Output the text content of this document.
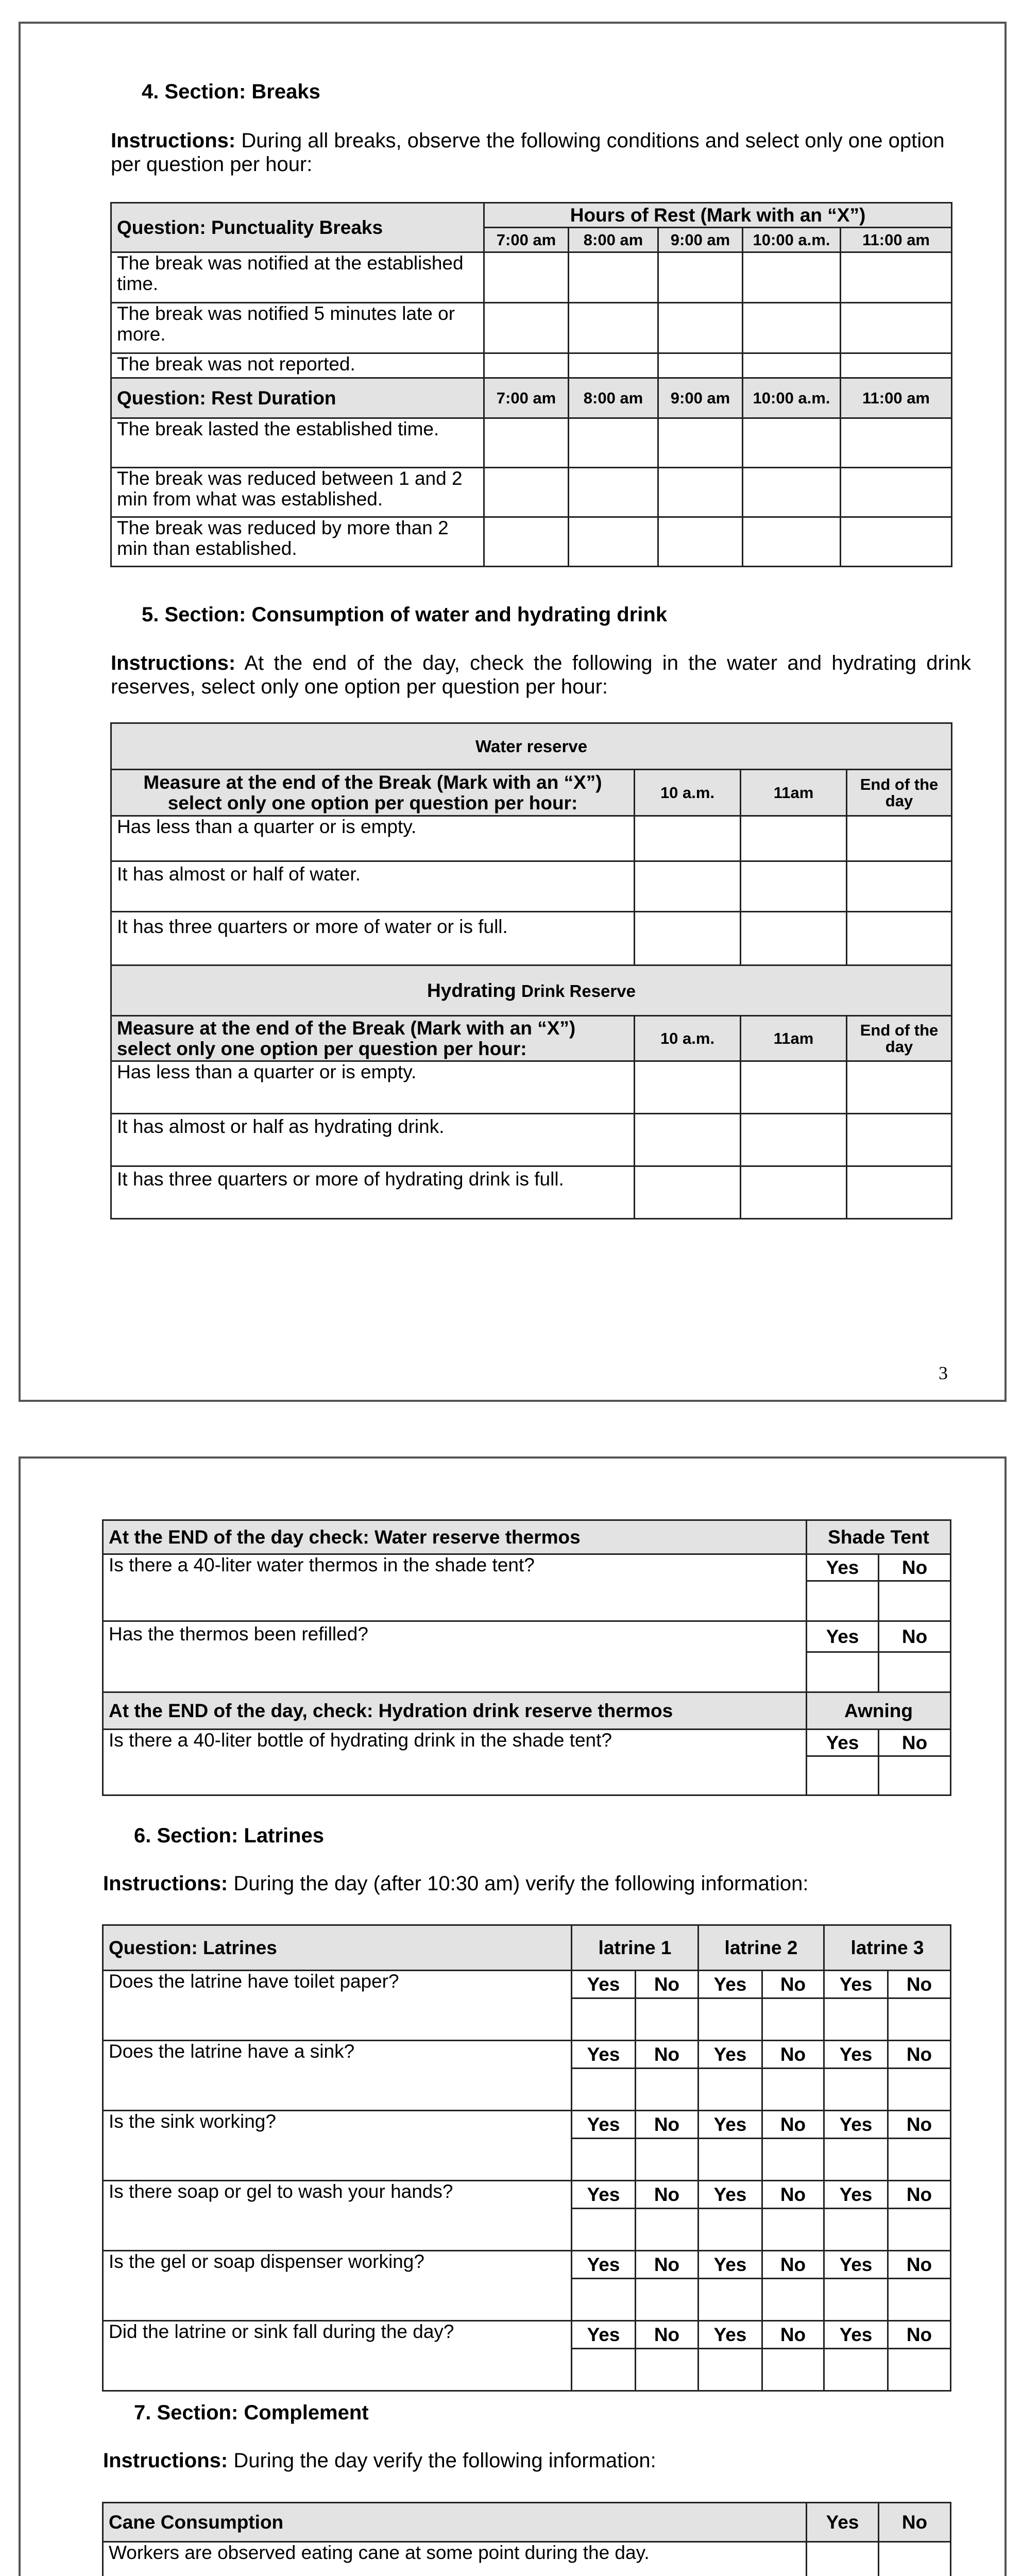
4. Section: Breaks
Instructions: During all breaks, observe the following conditions and select only one option per question per hour:
Question: Punctuality Breaks	Hours of Rest (Mark with an “X”)				
	7:00 am	8:00 am	9:00 am	10:00 a.m.	11:00 am
The break was notified at the established time.					
The break was notified 5 minutes late or more.					
The break was not reported.					
Question: Rest Duration	7:00 am	8:00 am	9:00 am	10:00 a.m.	11:00 am
The break lasted the established time.					
The break was reduced between 1 and 2 min from what was established.					
The break was reduced by more than 2 min than established.					
5. Section: Consumption of water and hydrating drink
Instructions: At the end of the day, check the following in the water and hydrating drink reserves, select only one option per question per hour:
Water reserve			
Measure at the end of the Break (Mark with an “X”) select only one option per question per hour:	10 a.m.	11am	End of the day
Has less than a quarter or is empty.			
It has almost or half of water.			
It has three quarters or more of water or is full.			
Hydrating Drink Reserve			
Measure at the end of the Break (Mark with an “X”) select only one option per question per hour:	10 a.m.	11am	End of the day
Has less than a quarter or is empty.			
It has almost or half as hydrating drink.			
It has three quarters or more of hydrating drink is full.			
3
At the END of the day check: Water reserve thermos	Shade Tent	
Is there a 40-liter water thermos in the shade tent?	Yes	No

Has the thermos been refilled?	Yes	No

At the END of the day, check: Hydration drink reserve thermos	Awning	
Is there a 40-liter bottle of hydrating drink in the shade tent?	Yes	No

6. Section: Latrines
Instructions: During the day (after 10:30 am) verify the following information:
Question: Latrines	latrine 1		latrine 2		latrine 3	
Does the latrine have toilet paper?	Yes	No	Yes	No	Yes	No

Does the latrine have a sink?	Yes	No	Yes	No	Yes	No

Is the sink working?	Yes	No	Yes	No	Yes	No

Is there soap or gel to wash your hands?	Yes	No	Yes	No	Yes	No

Is the gel or soap dispenser working?	Yes	No	Yes	No	Yes	No

Did the latrine or sink fall during the day?	Yes	No	Yes	No	Yes	No

7. Section: Complement
Instructions: During the day verify the following information:
Cane Consumption	Yes	No
Workers are observed eating cane at some point during the day.		
